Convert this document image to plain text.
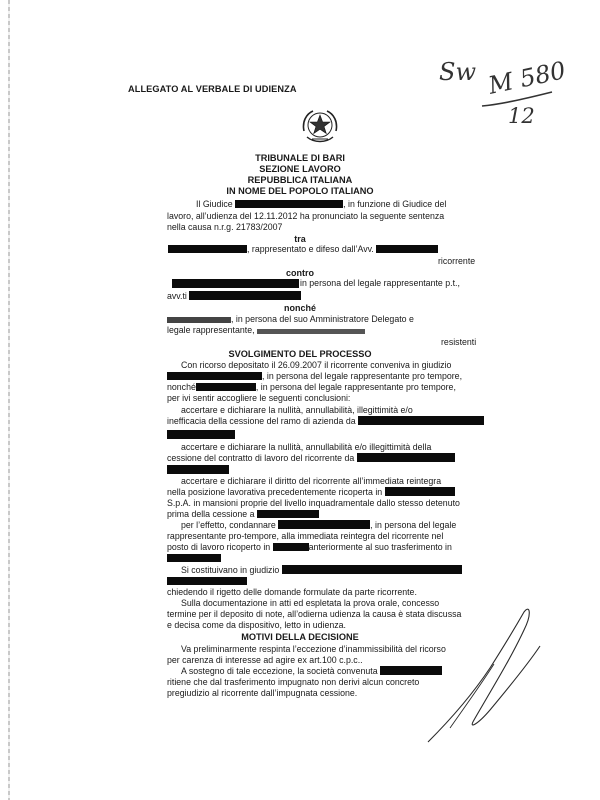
Sw M 580
12
ALLEGATO AL VERBALE DI UDIENZA
TRIBUNALE DI BARI
SEZIONE LAVORO
REPUBBLICA ITALIANA
IN NOME DEL POPOLO ITALIANO
Il Giudice	, in funzione di Giudice del
lavoro, all’udienza del 12.11.2012 ha pronunciato la seguente sentenza
nella causa n.r.g. 21783/2007
tra
, rappresentato e difeso dall’Avv.
ricorrente
contro
in persona del legale rappresentante p.t.,
avv.ti
nonché
, in persona del suo Amministratore Delegato e
legale rappresentante,
resistenti
SVOLGIMENTO DEL PROCESSO
Con ricorso depositato il 26.09.2007 il ricorrente conveniva in giudizio
, in persona del legale rappresentante pro tempore,
nonché	, in persona del legale rappresentante pro tempore,
per ivi sentir accogliere le seguenti conclusioni:
accertare e dichiarare la nullità, annullabilità, illegittimità e/o
inefficacia della cessione del ramo di azienda da
accertare e dichiarare la nullità, annullabilità e/o illegittimità della
cessione del contratto di lavoro del ricorrente da
accertare e dichiarare il diritto del ricorrente all’immediata reintegra
nella posizione lavorativa precedentemente ricoperta in
S.p.A. in mansioni proprie del livello inquadramentale dallo stesso detenuto
prima della cessione a
per l’effetto, condannare	, in persona del legale
rappresentante pro-tempore, alla immediata reintegra del ricorrente nel
posto di lavoro ricoperto in	anteriormente al suo trasferimento in
Si costituivano in giudizio
chiedendo il rigetto delle domande formulate da parte ricorrente.
Sulla documentazione in atti ed espletata la prova orale, concesso
termine per il deposito di note, all’odierna udienza la causa è stata discussa
e decisa come da dispositivo, letto in udienza.
MOTIVI DELLA DECISIONE
Va preliminarmente respinta l’eccezione d’inammissibilità del ricorso
per carenza di interesse ad agire ex art.100 c.p.c..
A sostegno di tale eccezione, la società convenuta
ritiene che dal trasferimento impugnato non derivi alcun concreto
pregiudizio al ricorrente dall’impugnata cessione.
